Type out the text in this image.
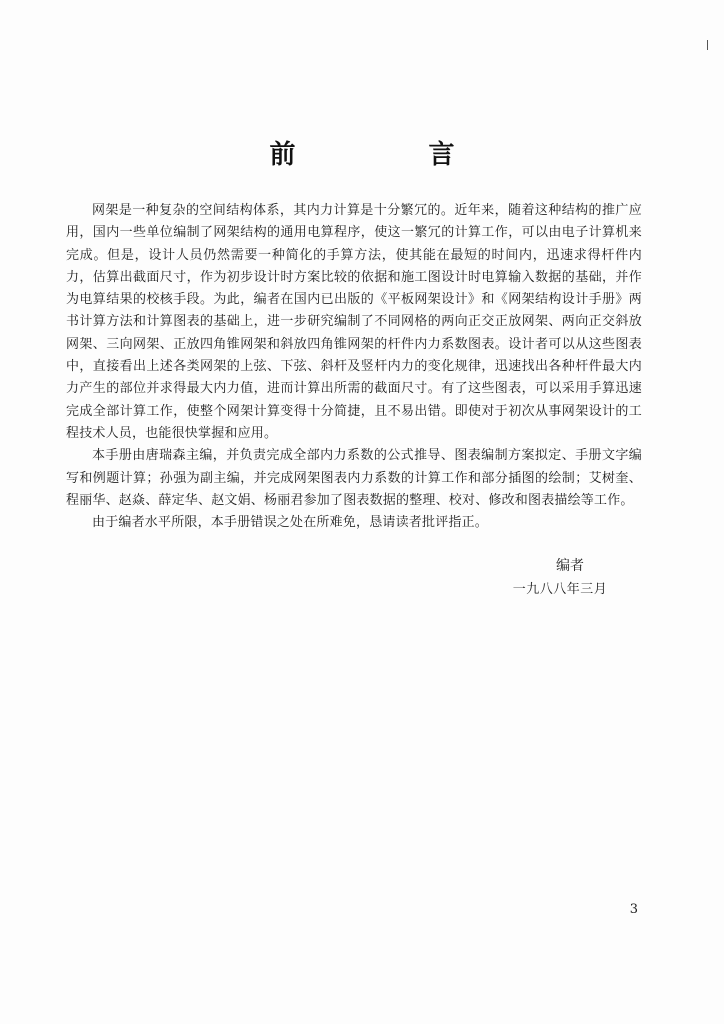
前 言

网架是一种复杂的空间结构体系，其内力计算是十分繁冗的。近年来，随着这种结构的推广应用，国内一些单位编制了网架结构的通用电算程序，使这一繁冗的计算工作，可以由电子计算机来完成。但是，设计人员仍然需要一种简化的手算方法，使其能在最短的时间内，迅速求得杆件内力，估算出截面尺寸，作为初步设计时方案比较的依据和施工图设计时电算输入数据的基础，并作为电算结果的校核手段。为此，编者在国内已出版的《平板网架设计》和《网架结构设计手册》两书计算方法和计算图表的基础上，进一步研究编制了不同网格的两向正交正放网架、两向正交斜放网架、三向网架、正放四角锥网架和斜放四角锥网架的杆件内力系数图表。设计者可以从这些图表中，直接看出上述各类网架的上弦、下弦、斜杆及竖杆内力的变化规律，迅速找出各种杆件最大内力产生的部位并求得最大内力值，进而计算出所需的截面尺寸。有了这些图表，可以采用手算迅速完成全部计算工作，使整个网架计算变得十分简捷，且不易出错。即使对于初次从事网架设计的工程技术人员，也能很快掌握和应用。

本手册由唐瑞森主编，并负责完成全部内力系数的公式推导、图表编制方案拟定、手册文字编写和例题计算；孙强为副主编，并完成网架图表内力系数的计算工作和部分插图的绘制；艾树奎、程丽华、赵焱、薛定华、赵文娟、杨丽君参加了图表数据的整理、校对、修改和图表描绘等工作。

由于编者水平所限，本手册错误之处在所难免，恳请读者批评指正。

编者
一九八八年三月
3
